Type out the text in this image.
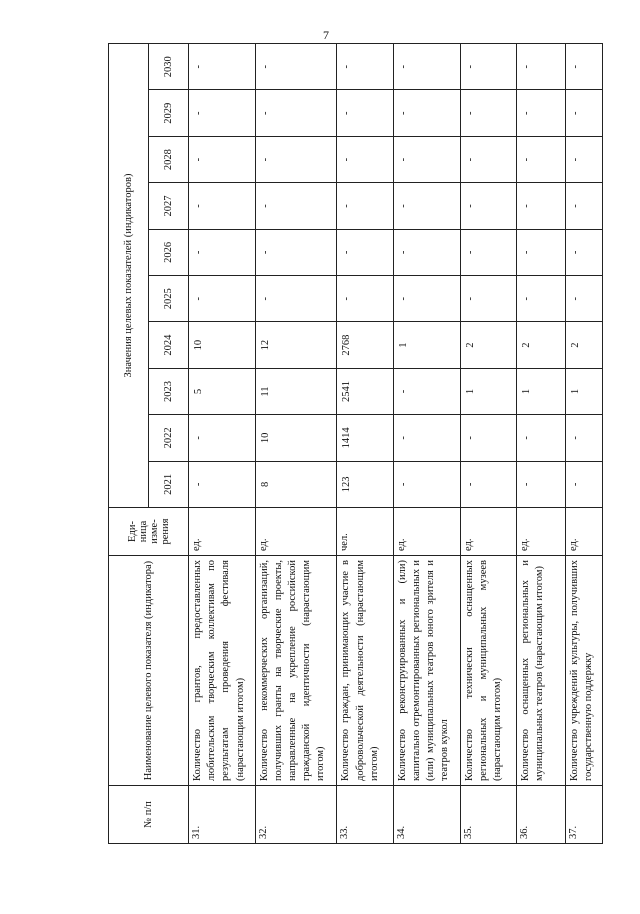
7
№ п/п	Наименование целевого показателя (индикатора)	Еди-ница изме-рения	Значения целевых показателей (индикаторов)									
			2021	2022	2023	2024	2025	2026	2027	2028	2029	2030
31.	Количество грантов, предоставленных любительским творческим коллективам по результатам проведения фестиваля (нарастающим итогом)	ед.	-	-	5	10	-	-	-	-	-	-
32.	Количество некоммерческих организаций, получивших гранты на творческие проекты, направленные на укрепление российской гражданской идентичности (нарастающим итогом)	ед.	8	10	11	12	-	-	-	-	-	-
33.	Количество граждан, принимающих участие в добровольческой деятельности (нарастающим итогом)	чел.	123	1414	2541	2768	-	-	-	-	-	-
34.	Количество реконструированных и (или) капитально отремонтированных региональных и (или) муниципальных театров юного зрителя и театров кукол	ед.	-	-	-	1	-	-	-	-	-	-
35.	Количество технически оснащенных региональных и муниципальных музеев (нарастающим итогом)	ед.	-	-	1	2	-	-	-	-	-	-
36.	Количество оснащенных региональных и муниципальных театров (нарастающим итогом)	ед.	-	-	1	2	-	-	-	-	-	-
37.	Количество учреждений культуры, получивших государственную поддержку	ед.	-	-	1	2	-	-	-	-	-	-
